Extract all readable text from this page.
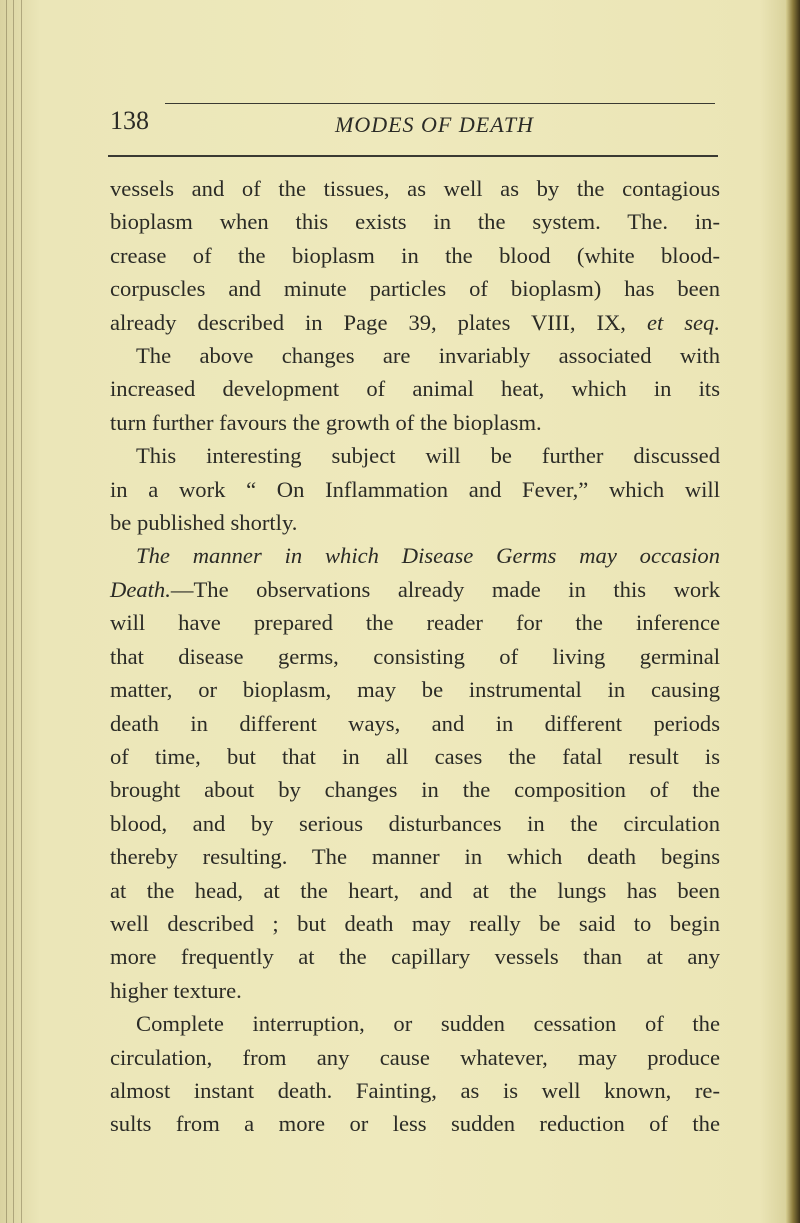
138	MODES OF DEATH
vessels and of the tissues, as well as by the contagious
bioplasm when this exists in the system. The. in-
crease of the bioplasm in the blood (white blood-
corpuscles and minute particles of bioplasm) has been
already described in Page 39, plates VIII, IX, et seq.
The above changes are invariably associated with
increased development of animal heat, which in its
turn further favours the growth of the bioplasm.
This interesting subject will be further discussed
in a work “ On Inflammation and Fever,” which will
be published shortly.
The manner in which Disease Germs may occasion
Death.—The observations already made in this work
will have prepared the reader for the inference
that disease germs, consisting of living germinal
matter, or bioplasm, may be instrumental in causing
death in different ways, and in different periods
of time, but that in all cases the fatal result is
brought about by changes in the composition of the
blood, and by serious disturbances in the circulation
thereby resulting. The manner in which death begins
at the head, at the heart, and at the lungs has been
well described ; but death may really be said to begin
more frequently at the capillary vessels than at any
higher texture.
Complete interruption, or sudden cessation of the
circulation, from any cause whatever, may produce
almost instant death. Fainting, as is well known, re-
sults from a more or less sudden reduction of the
